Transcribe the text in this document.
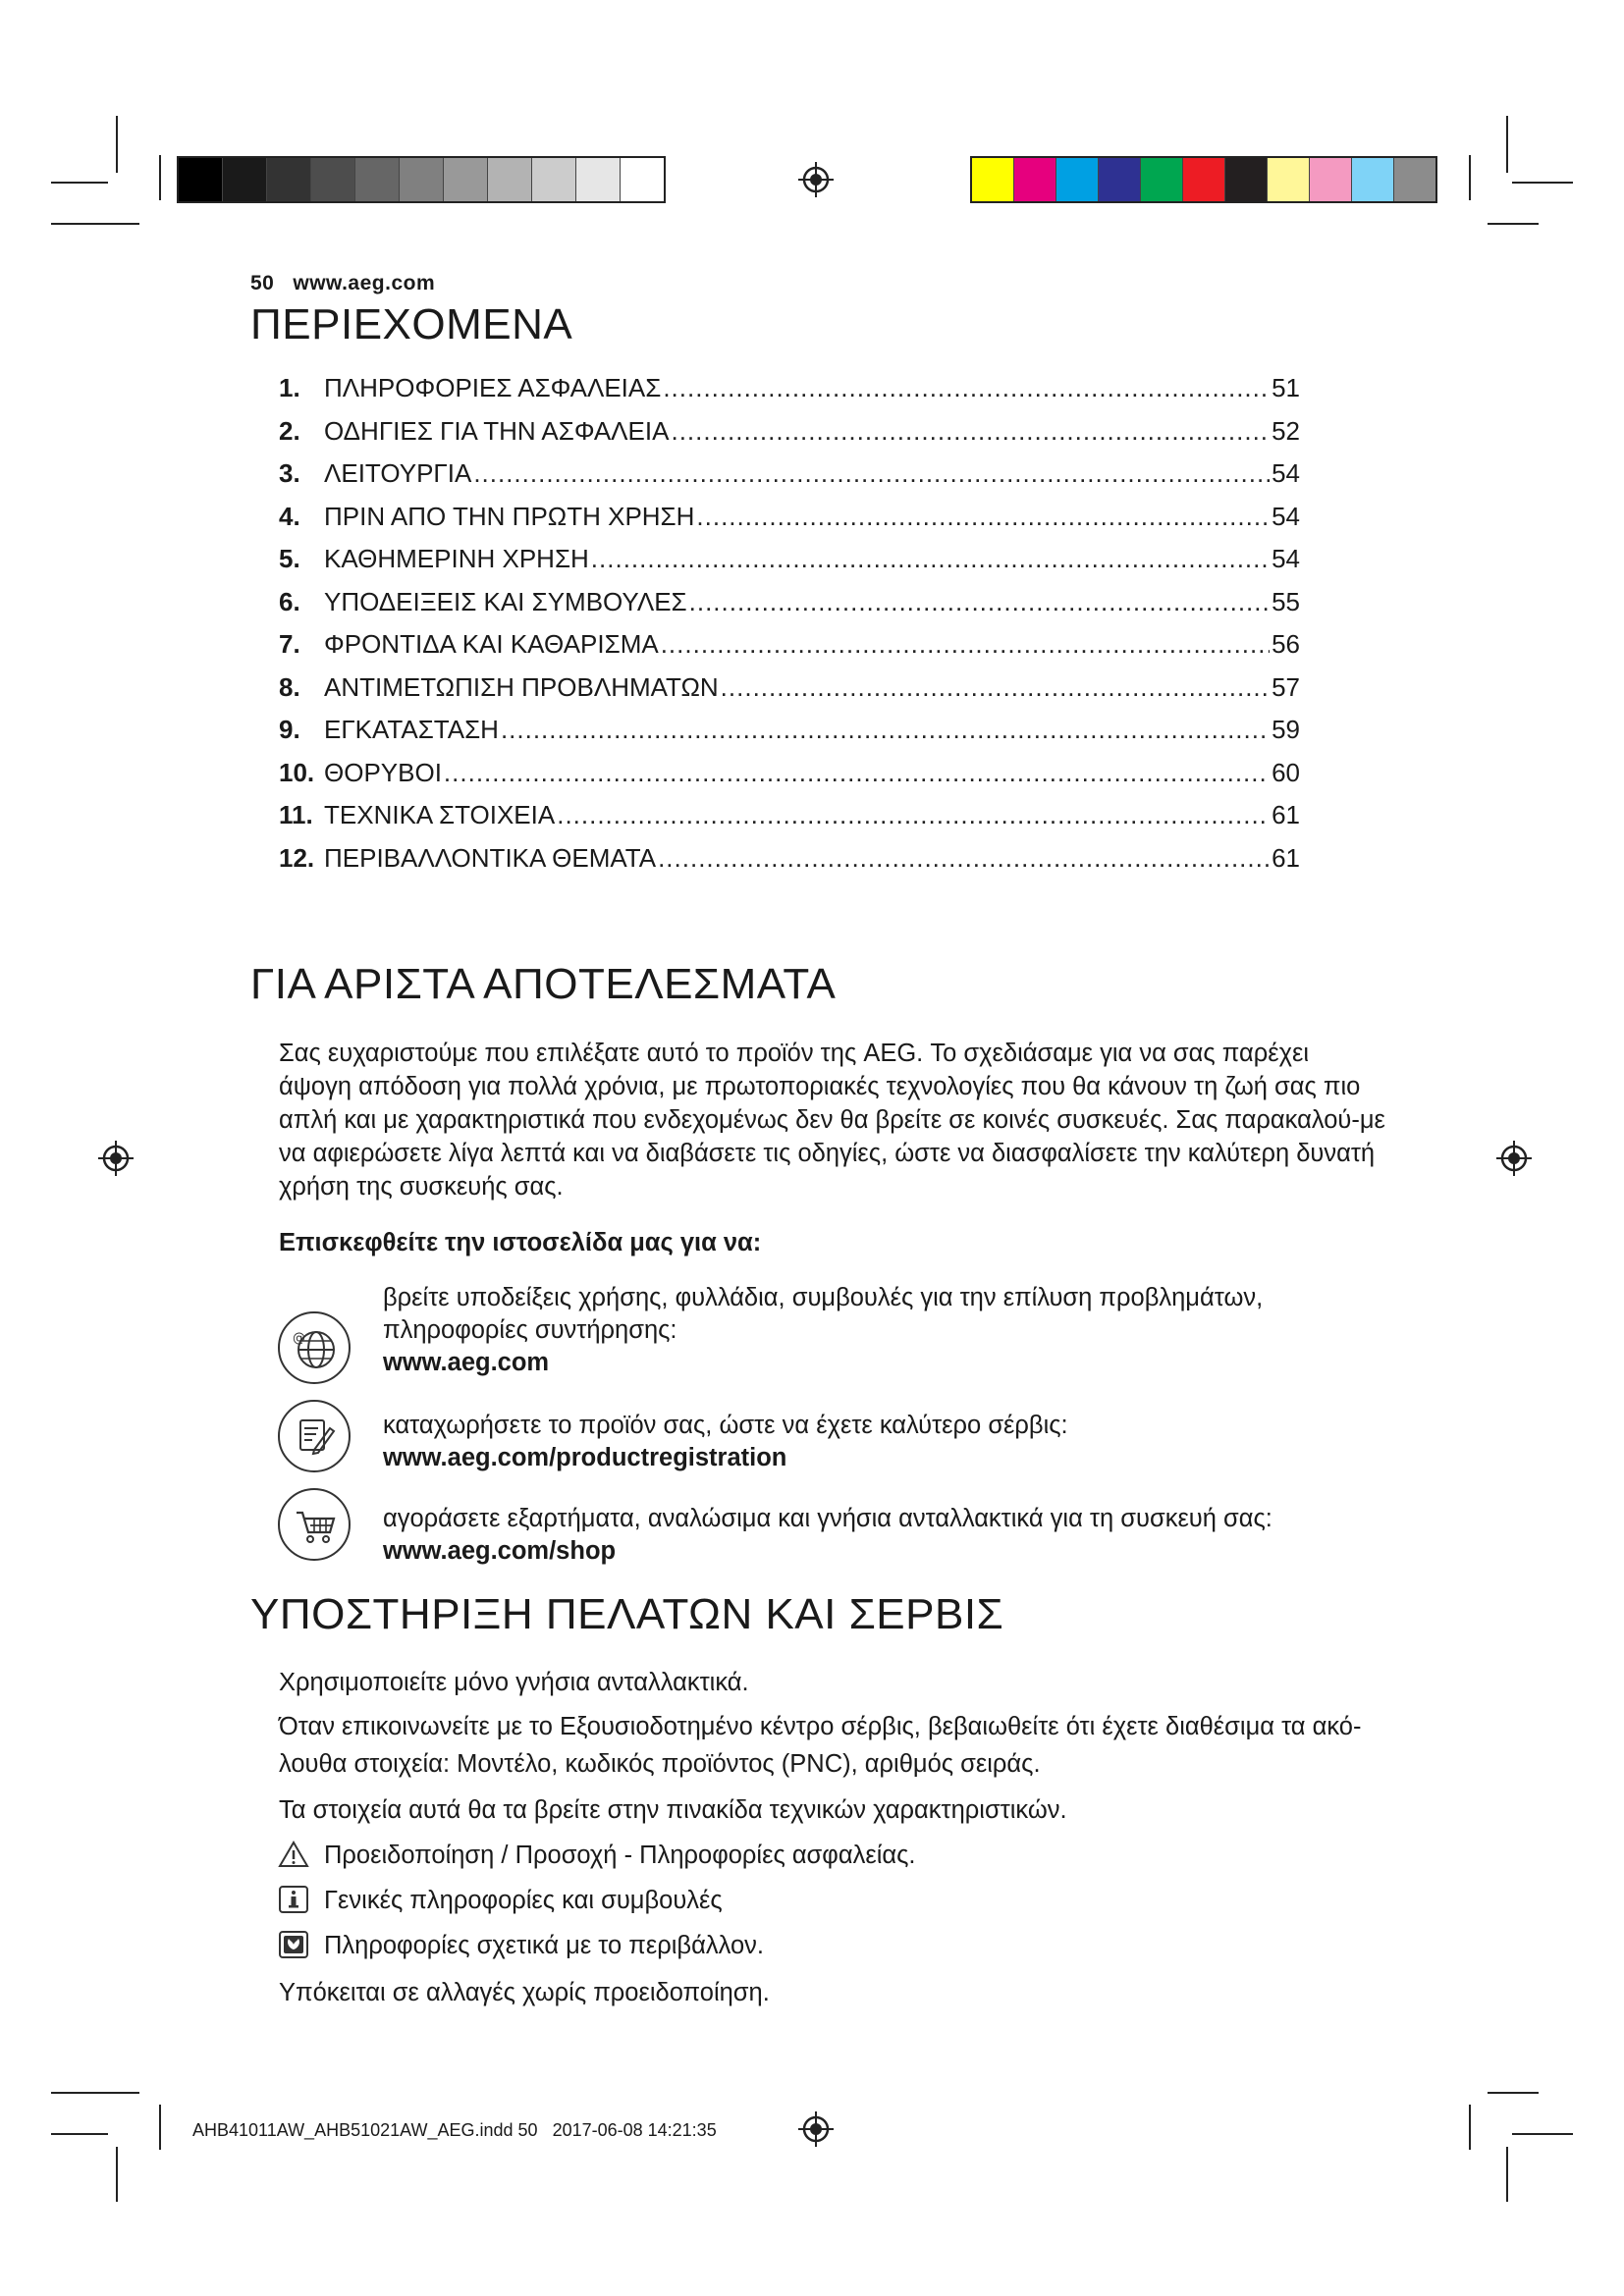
50 www.aeg.com
ΠΕΡΙΕΧΟΜΕΝΑ
1. ΠΛΗΡΟΦΟΡΙΕΣ ΑΣΦΑΛΕΙΑΣ .....	51
2. ΟΔΗΓΙΕΣ ΓΙΑ ΤΗΝ ΑΣΦΑΛΕΙΑ .....	52
3. ΛΕΙΤΟΥΡΓΙΑ .....	54
4. ΠΡΙΝ ΑΠΟ ΤΗΝ ΠΡΩΤΗ ΧΡΗΣΗ .....	54
5. ΚΑΘΗΜΕΡΙΝΗ ΧΡΗΣΗ .....	54
6. ΥΠΟΔΕΙΞΕΙΣ ΚΑΙ ΣΥΜΒΟΥΛΕΣ .....	55
7. ΦΡΟΝΤΙΔΑ ΚΑΙ ΚΑΘΑΡΙΣΜΑ .....	56
8. ΑΝΤΙΜΕΤΩΠΙΣΗ ΠΡΟΒΛΗΜΑΤΩΝ .....	57
9. ΕΓΚΑΤΑΣΤΑΣΗ .....	59
10. ΘΟΡΥΒΟΙ .....	60
11. ΤΕΧΝΙΚΑ ΣΤΟΙΧΕΙΑ .....	61
12. ΠΕΡΙΒΑΛΛΟΝΤΙΚΑ ΘΕΜΑΤΑ .....	61
ΓΙΑ ΑΡΙΣΤΑ ΑΠΟΤΕΛΕΣΜΑΤΑ
Σας ευχαριστούμε που επιλέξατε αυτό το προϊόν της AEG. Το σχεδιάσαμε για να σας παρέχει άψογη απόδοση για πολλά χρόνια, με πρωτοποριακές τεχνολογίες που θα κάνουν τη ζωή σας πιο απλή και με χαρακτηριστικά που ενδεχομένως δεν θα βρείτε σε κοινές συσκευές. Σας παρακαλού-με να αφιερώσετε λίγα λεπτά και να διαβάσετε τις οδηγίες, ώστε να διασφαλίσετε την καλύτερη δυνατή χρήση της συσκευής σας.
Επισκεφθείτε την ιστοσελίδα μας για να:
@
βρείτε υποδείξεις χρήσης, φυλλάδια, συμβουλές για την επίλυση προβλημάτων, πληροφορίες συντήρησης:
www.aeg.com
καταχωρήσετε το προϊόν σας, ώστε να έχετε καλύτερο σέρβις:
www.aeg.com/productregistration
αγοράσετε εξαρτήματα, αναλώσιμα και γνήσια ανταλλακτικά για τη συσκευή σας:
www.aeg.com/shop
ΥΠΟΣΤΗΡΙΞΗ ΠΕΛΑΤΩΝ ΚΑΙ ΣΕΡΒΙΣ
Χρησιμοποιείτε μόνο γνήσια ανταλλακτικά.
Όταν επικοινωνείτε με το Εξουσιοδοτημένο κέντρο σέρβις, βεβαιωθείτε ότι έχετε διαθέσιμα τα ακό-λουθα στοιχεία: Μοντέλο, κωδικός προϊόντος (PNC), αριθμός σειράς.
Τα στοιχεία αυτά θα τα βρείτε στην πινακίδα τεχνικών χαρακτηριστικών.
Προειδοποίηση / Προσοχή - Πληροφορίες ασφαλείας.
Γενικές πληροφορίες και συμβουλές
Πληροφορίες σχετικά με το περιβάλλον.
Υπόκειται σε αλλαγές χωρίς προειδοποίηση.
AHB41011AW_AHB51021AW_AEG.indd 50 2017-06-08 14:21:35
